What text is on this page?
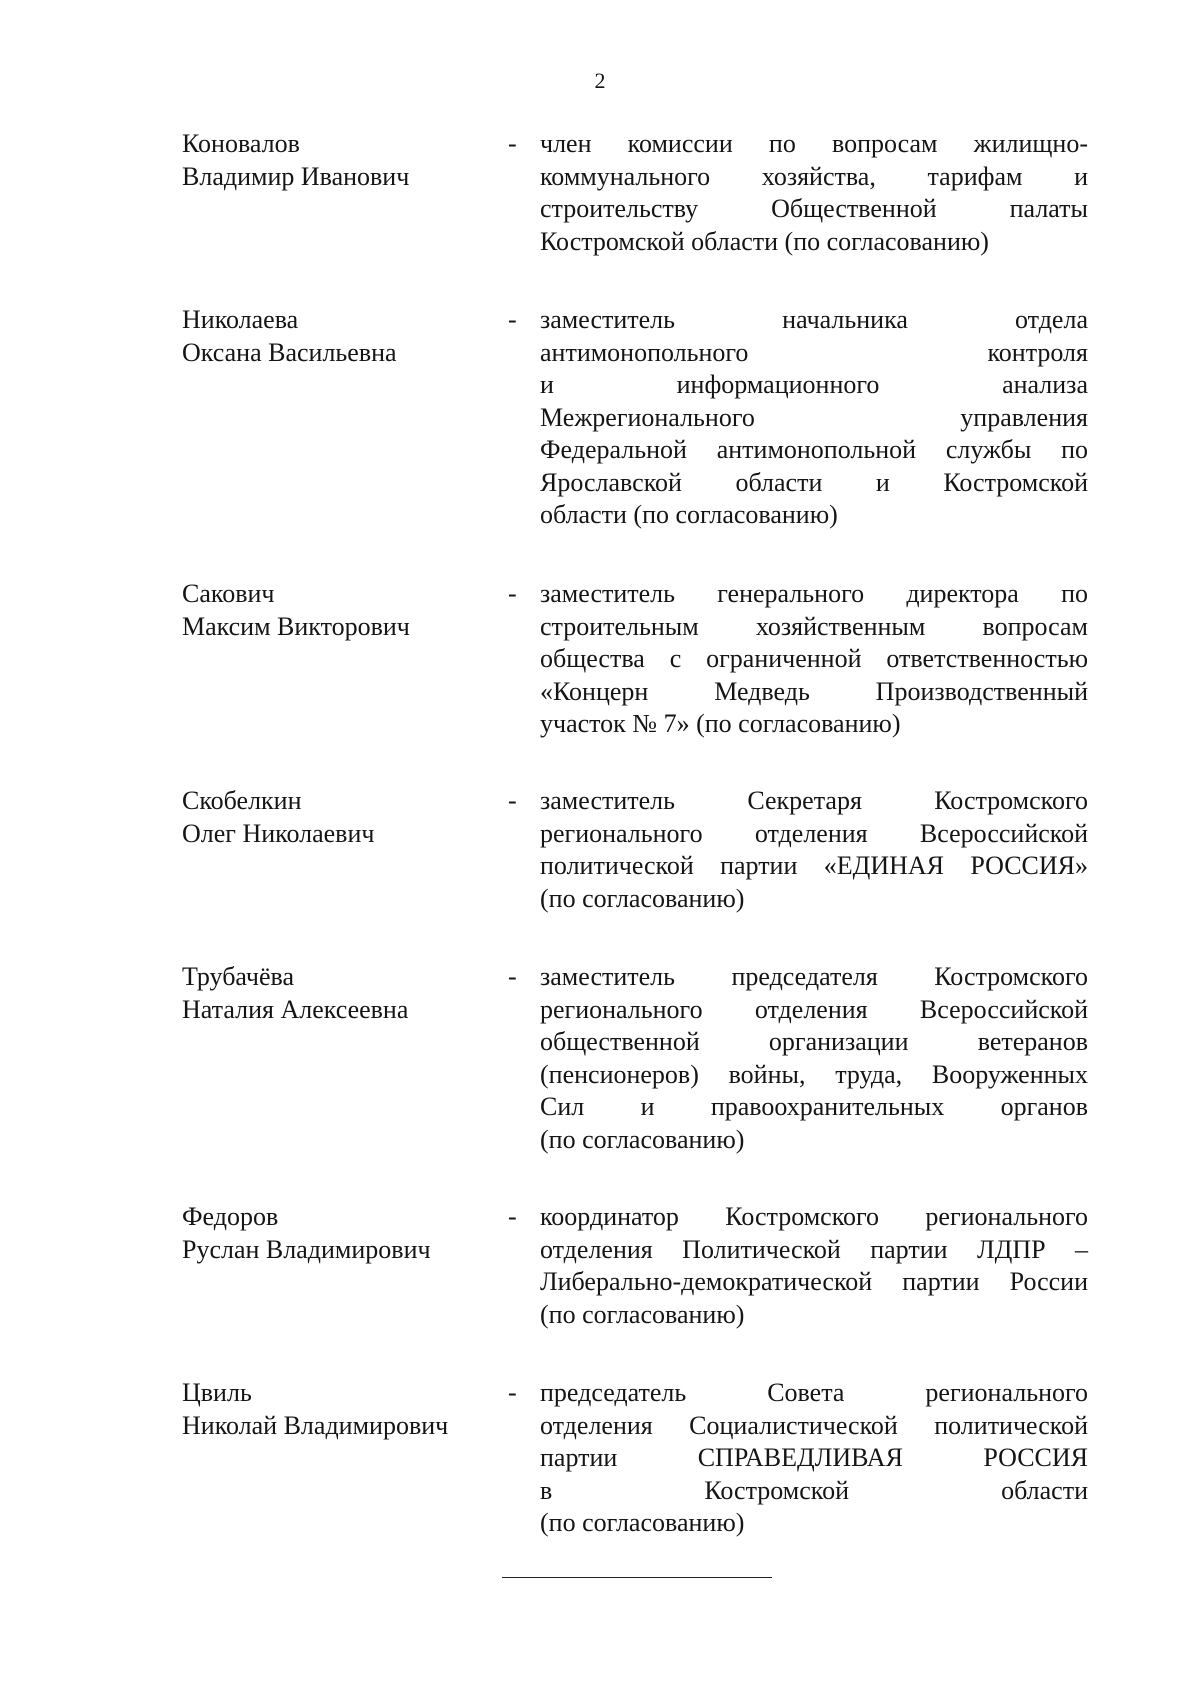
2
Коновалов
Владимир Иванович
- член комиссии по вопросам жилищно-
коммунального хозяйства, тарифам и
строительству Общественной палаты
Костромской области (по согласованию)
Николаева
Оксана Васильевна
- заместитель начальника отдела
антимонопольного контроля
и информационного анализа
Межрегионального управления
Федеральной антимонопольной службы по
Ярославской области и Костромской
области (по согласованию)
Сакович
Максим Викторович
- заместитель генерального директора по
строительным хозяйственным вопросам
общества с ограниченной ответственностью
«Концерн Медведь Производственный
участок № 7» (по согласованию)
Скобелкин
Олег Николаевич
- заместитель Секретаря Костромского
регионального отделения Всероссийской
политической партии «ЕДИНАЯ РОССИЯ»
(по согласованию)
Трубачёва
Наталия Алексеевна
- заместитель председателя Костромского
регионального отделения Всероссийской
общественной организации ветеранов
(пенсионеров) войны, труда, Вооруженных
Сил и правоохранительных органов
(по согласованию)
Федоров
Руслан Владимирович
- координатор Костромского регионального
отделения Политической партии ЛДПР –
Либерально-демократической партии России
(по согласованию)
Цвиль
Николай Владимирович
- председатель Совета регионального
отделения Социалистической политической
партии СПРАВЕДЛИВАЯ РОССИЯ
в Костромской области
(по согласованию)
